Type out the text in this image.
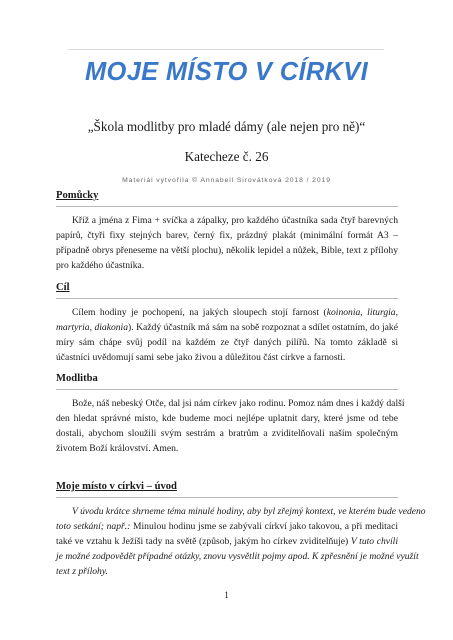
MOJE MÍSTO V CÍRKVI
„Škola modlitby pro mladé dámy (ale nejen pro ně)“
Katecheze č. 26
Materiál vytvořila © Annabell Sirovátková 2018 / 2019
Pomůcky
Kříž a jména z Fima + svíčka a zápalky, pro každého účastníka sada čtyř barevných
papírů, čtyři fixy stejných barev, černý fix, prázdný plakát (minimální formát A3 –
případně obrys přeneseme na větší plochu), několik lepidel a nůžek, Bible, text z přílohy
pro každého účastníka.
Cíl
Cílem hodiny je pochopení, na jakých sloupech stojí farnost (koinonia, liturgia,
martyria, diakonia). Každý účastník má sám na sobě rozpoznat a sdílet ostatním, do jaké
míry sám chápe svůj podíl na každém ze čtyř daných pilířů. Na tomto základě si
účastníci uvědomují sami sebe jako živou a důležitou část církve a farnosti.
Modlitba
Bože, náš nebeský Otče, dal jsi nám církev jako rodinu. Pomoz nám dnes i každý další
den hledat správné místo, kde budeme moci nejlépe uplatnit dary, které jsme od tebe
dostali, abychom sloužili svým sestrám a bratrům a zviditelňovali naším společným
životem Boží království. Amen.
Moje místo v církvi – úvod
V úvodu krátce shrneme téma minulé hodiny, aby byl zřejmý kontext, ve kterém bude vedeno
toto setkání; např.: Minulou hodinu jsme se zabývali církví jako takovou, a při meditaci
také ve vztahu k Ježíši tady na světě (způsob, jakým ho církev zviditelňuje) V tuto chvíli
je možné zodpovědět případné otázky, znovu vysvětlit pojmy apod. K zpřesnění je možné využít
text z přílohy.
1
